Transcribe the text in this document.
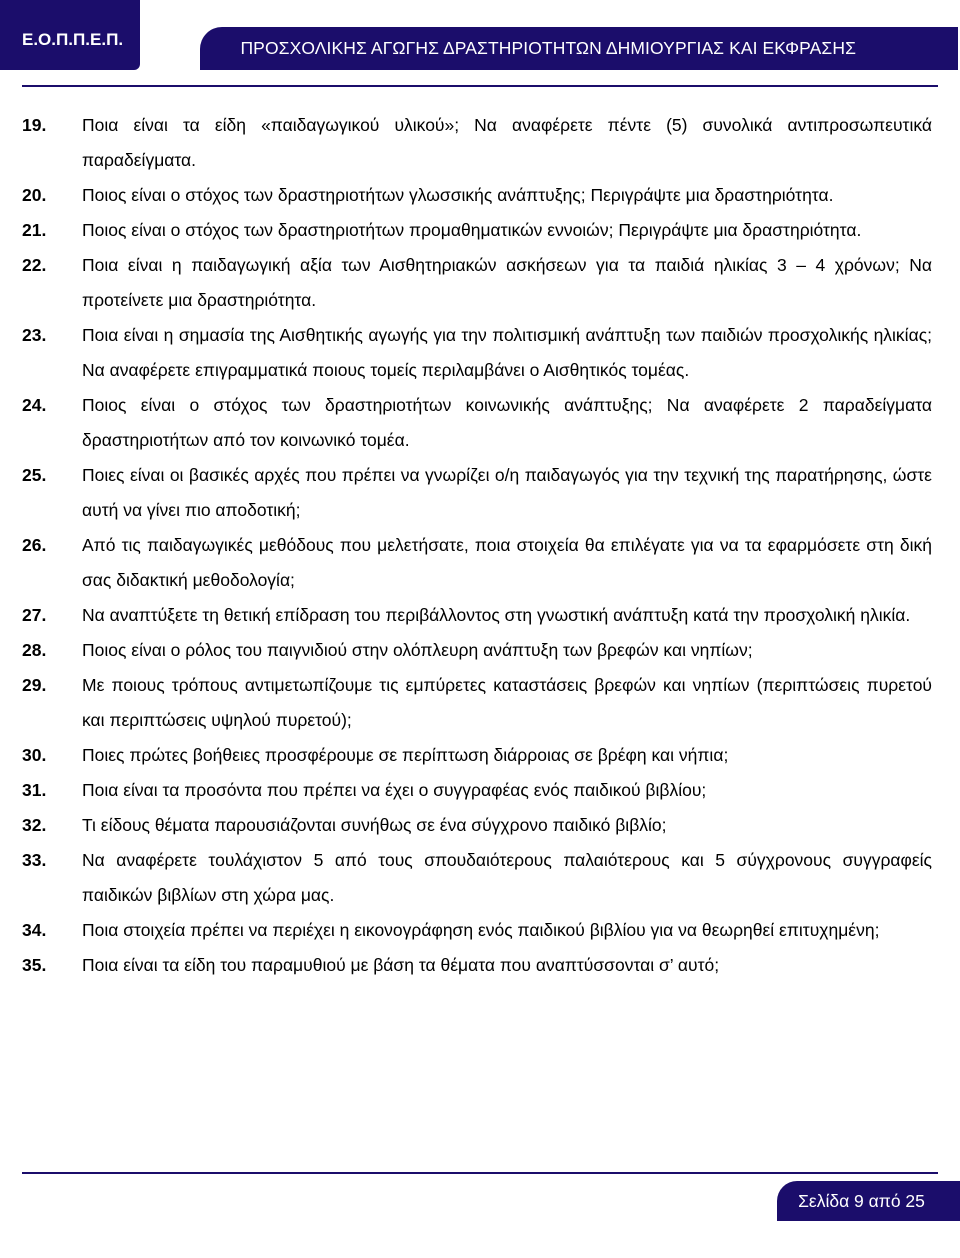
Ε.Ο.Π.Π.Ε.Π.	ΠΡΟΣΧΟΛΙΚΗΣ ΑΓΩΓΗΣ ΔΡΑΣΤΗΡΙΟΤΗΤΩΝ ΔΗΜΙΟΥΡΓΙΑΣ ΚΑΙ ΕΚΦΡΑΣΗΣ
19.	Ποια είναι τα είδη «παιδαγωγικού υλικού»; Να αναφέρετε πέντε (5) συνολικά αντιπροσωπευτικά παραδείγματα.
20.	Ποιος είναι ο στόχος των δραστηριοτήτων γλωσσικής ανάπτυξης; Περιγράψτε μια δραστηριότητα.
21.	Ποιος είναι ο στόχος των δραστηριοτήτων προμαθηματικών εννοιών; Περιγράψτε μια δραστηριότητα.
22.	Ποια είναι η παιδαγωγική αξία των Αισθητηριακών ασκήσεων για τα παιδιά ηλικίας 3 – 4 χρόνων; Να προτείνετε μια δραστηριότητα.
23.	Ποια είναι η σημασία της Αισθητικής αγωγής για την πολιτισμική ανάπτυξη των παιδιών προσχολικής ηλικίας; Να αναφέρετε επιγραμματικά ποιους τομείς περιλαμβάνει ο Αισθητικός τομέας.
24.	Ποιος είναι ο στόχος των δραστηριοτήτων κοινωνικής ανάπτυξης; Να αναφέρετε 2 παραδείγματα δραστηριοτήτων από τον κοινωνικό τομέα.
25.	Ποιες είναι οι βασικές αρχές που πρέπει να γνωρίζει ο/η παιδαγωγός για την τεχνική της παρατήρησης, ώστε αυτή να γίνει πιο αποδοτική;
26.	Από τις παιδαγωγικές μεθόδους που μελετήσατε, ποια στοιχεία θα επιλέγατε για να τα εφαρμόσετε στη δική σας διδακτική μεθοδολογία;
27.	Να αναπτύξετε τη θετική επίδραση του περιβάλλοντος στη γνωστική ανάπτυξη κατά την προσχολική ηλικία.
28.	Ποιος είναι ο ρόλος του παιγνιδιού στην ολόπλευρη ανάπτυξη των βρεφών και νηπίων;
29.	Με ποιους τρόπους αντιμετωπίζουμε τις εμπύρετες καταστάσεις βρεφών και νηπίων (περιπτώσεις πυρετού και περιπτώσεις υψηλού πυρετού);
30.	Ποιες πρώτες βοήθειες προσφέρουμε σε περίπτωση διάρροιας σε βρέφη και νήπια;
31.	Ποια είναι τα προσόντα που πρέπει να έχει ο συγγραφέας ενός παιδικού βιβλίου;
32.	Τι είδους θέματα παρουσιάζονται συνήθως σε ένα σύγχρονο παιδικό βιβλίο;
33.	Να αναφέρετε τουλάχιστον 5 από τους σπουδαιότερους παλαιότερους και 5 σύγχρονους συγγραφείς παιδικών βιβλίων στη χώρα μας.
34.	Ποια στοιχεία πρέπει να περιέχει η εικονογράφηση ενός παιδικού βιβλίου για να θεωρηθεί επιτυχημένη;
35.	Ποια είναι τα είδη του παραμυθιού με βάση τα θέματα που αναπτύσσονται σ’ αυτό;
Σελίδα 9 από 25
